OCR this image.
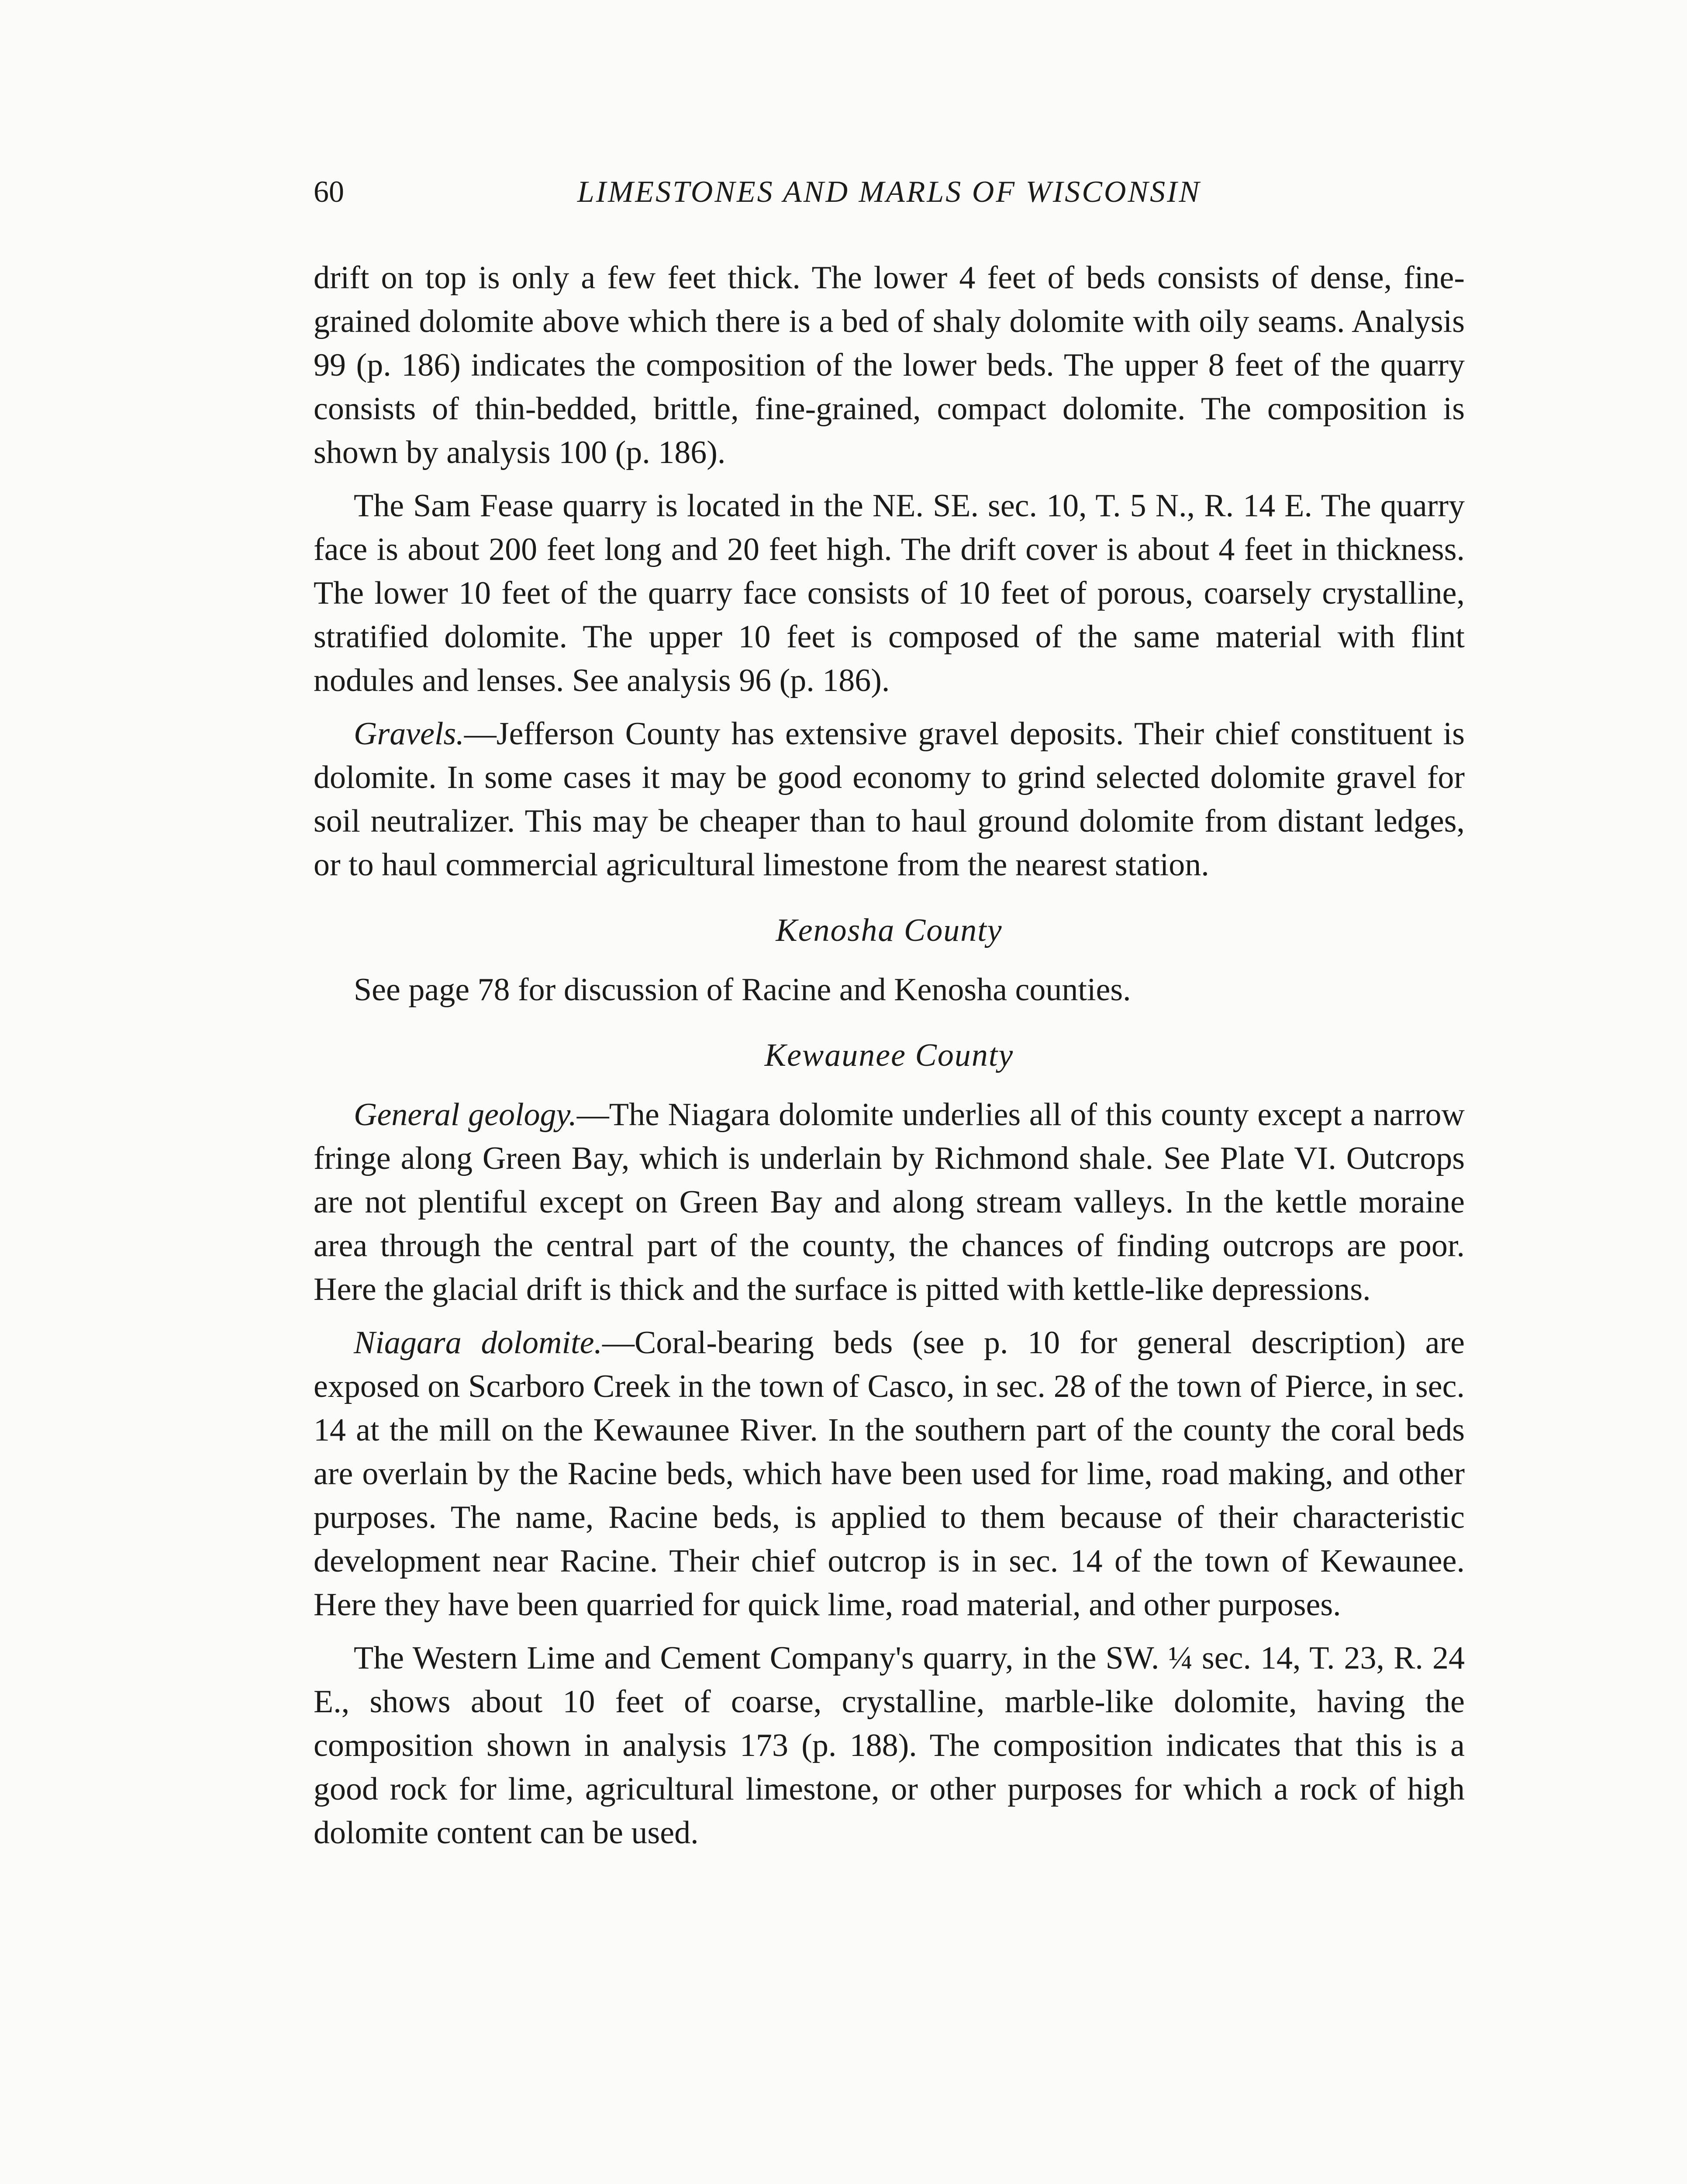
60	LIMESTONES AND MARLS OF WISCONSIN

drift on top is only a few feet thick. The lower 4 feet of beds consists of dense, fine-grained dolomite above which there is a bed of shaly dolomite with oily seams. Analysis 99 (p. 186) indicates the composition of the lower beds. The upper 8 feet of the quarry consists of thin-bedded, brittle, fine-grained, compact dolomite. The composition is shown by analysis 100 (p. 186).

The Sam Fease quarry is located in the NE. SE. sec. 10, T. 5 N., R. 14 E. The quarry face is about 200 feet long and 20 feet high. The drift cover is about 4 feet in thickness. The lower 10 feet of the quarry face consists of 10 feet of porous, coarsely crystalline, stratified dolomite. The upper 10 feet is composed of the same material with flint nodules and lenses. See analysis 96 (p. 186).

Gravels.—Jefferson County has extensive gravel deposits. Their chief constituent is dolomite. In some cases it may be good economy to grind selected dolomite gravel for soil neutralizer. This may be cheaper than to haul ground dolomite from distant ledges, or to haul commercial agricultural limestone from the nearest station.

Kenosha County

See page 78 for discussion of Racine and Kenosha counties.

Kewaunee County

General geology.—The Niagara dolomite underlies all of this county except a narrow fringe along Green Bay, which is underlain by Richmond shale. See Plate VI. Outcrops are not plentiful except on Green Bay and along stream valleys. In the kettle moraine area through the central part of the county, the chances of finding outcrops are poor. Here the glacial drift is thick and the surface is pitted with kettle-like depressions.

Niagara dolomite.—Coral-bearing beds (see p. 10 for general description) are exposed on Scarboro Creek in the town of Casco, in sec. 28 of the town of Pierce, in sec. 14 at the mill on the Kewaunee River. In the southern part of the county the coral beds are overlain by the Racine beds, which have been used for lime, road making, and other purposes. The name, Racine beds, is applied to them because of their characteristic development near Racine. Their chief outcrop is in sec. 14 of the town of Kewaunee. Here they have been quarried for quick lime, road material, and other purposes.

The Western Lime and Cement Company's quarry, in the SW. ¼ sec. 14, T. 23, R. 24 E., shows about 10 feet of coarse, crystalline, marble-like dolomite, having the composition shown in analysis 173 (p. 188). The composition indicates that this is a good rock for lime, agricultural limestone, or other purposes for which a rock of high dolomite content can be used.
